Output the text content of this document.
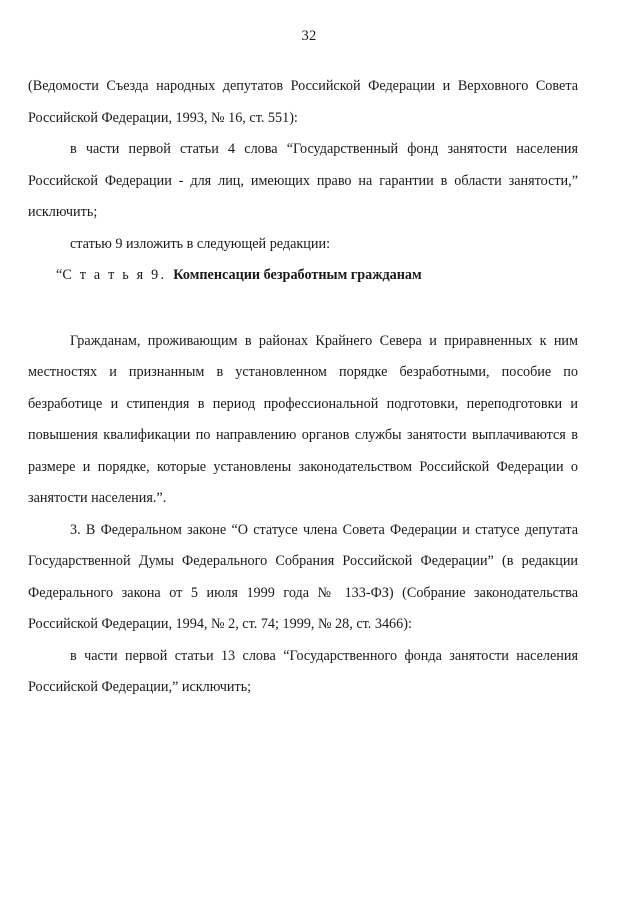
32

(Ведомости Съезда народных депутатов Российской Федерации и Верховного Совета Российской Федерации, 1993, № 16, ст. 551):

в части первой статьи 4 слова “Государственный фонд занятости населения Российской Федерации - для лиц, имеющих право на гарантии в области занятости,” исключить;

статью 9 изложить в следующей редакции:

“С т а т ь я 9. Компенсации безработным гражданам

Гражданам, проживающим в районах Крайнего Севера и приравненных к ним местностях и признанным в установленном порядке безработными, пособие по безработице и стипендия в период профессиональной подготовки, переподготовки и повышения квалификации по направлению органов службы занятости выплачиваются в размере и порядке, которые установлены законодательством Российской Федерации о занятости населения.”.

3. В Федеральном законе “О статусе члена Совета Федерации и статусе депутата Государственной Думы Федерального Собрания Российской Федерации” (в редакции Федерального закона от 5 июля 1999 года № 133-ФЗ) (Собрание законодательства Российской Федерации, 1994, № 2, ст. 74; 1999, № 28, ст. 3466):

в части первой статьи 13 слова “Государственного фонда занятости населения Российской Федерации,” исключить;
